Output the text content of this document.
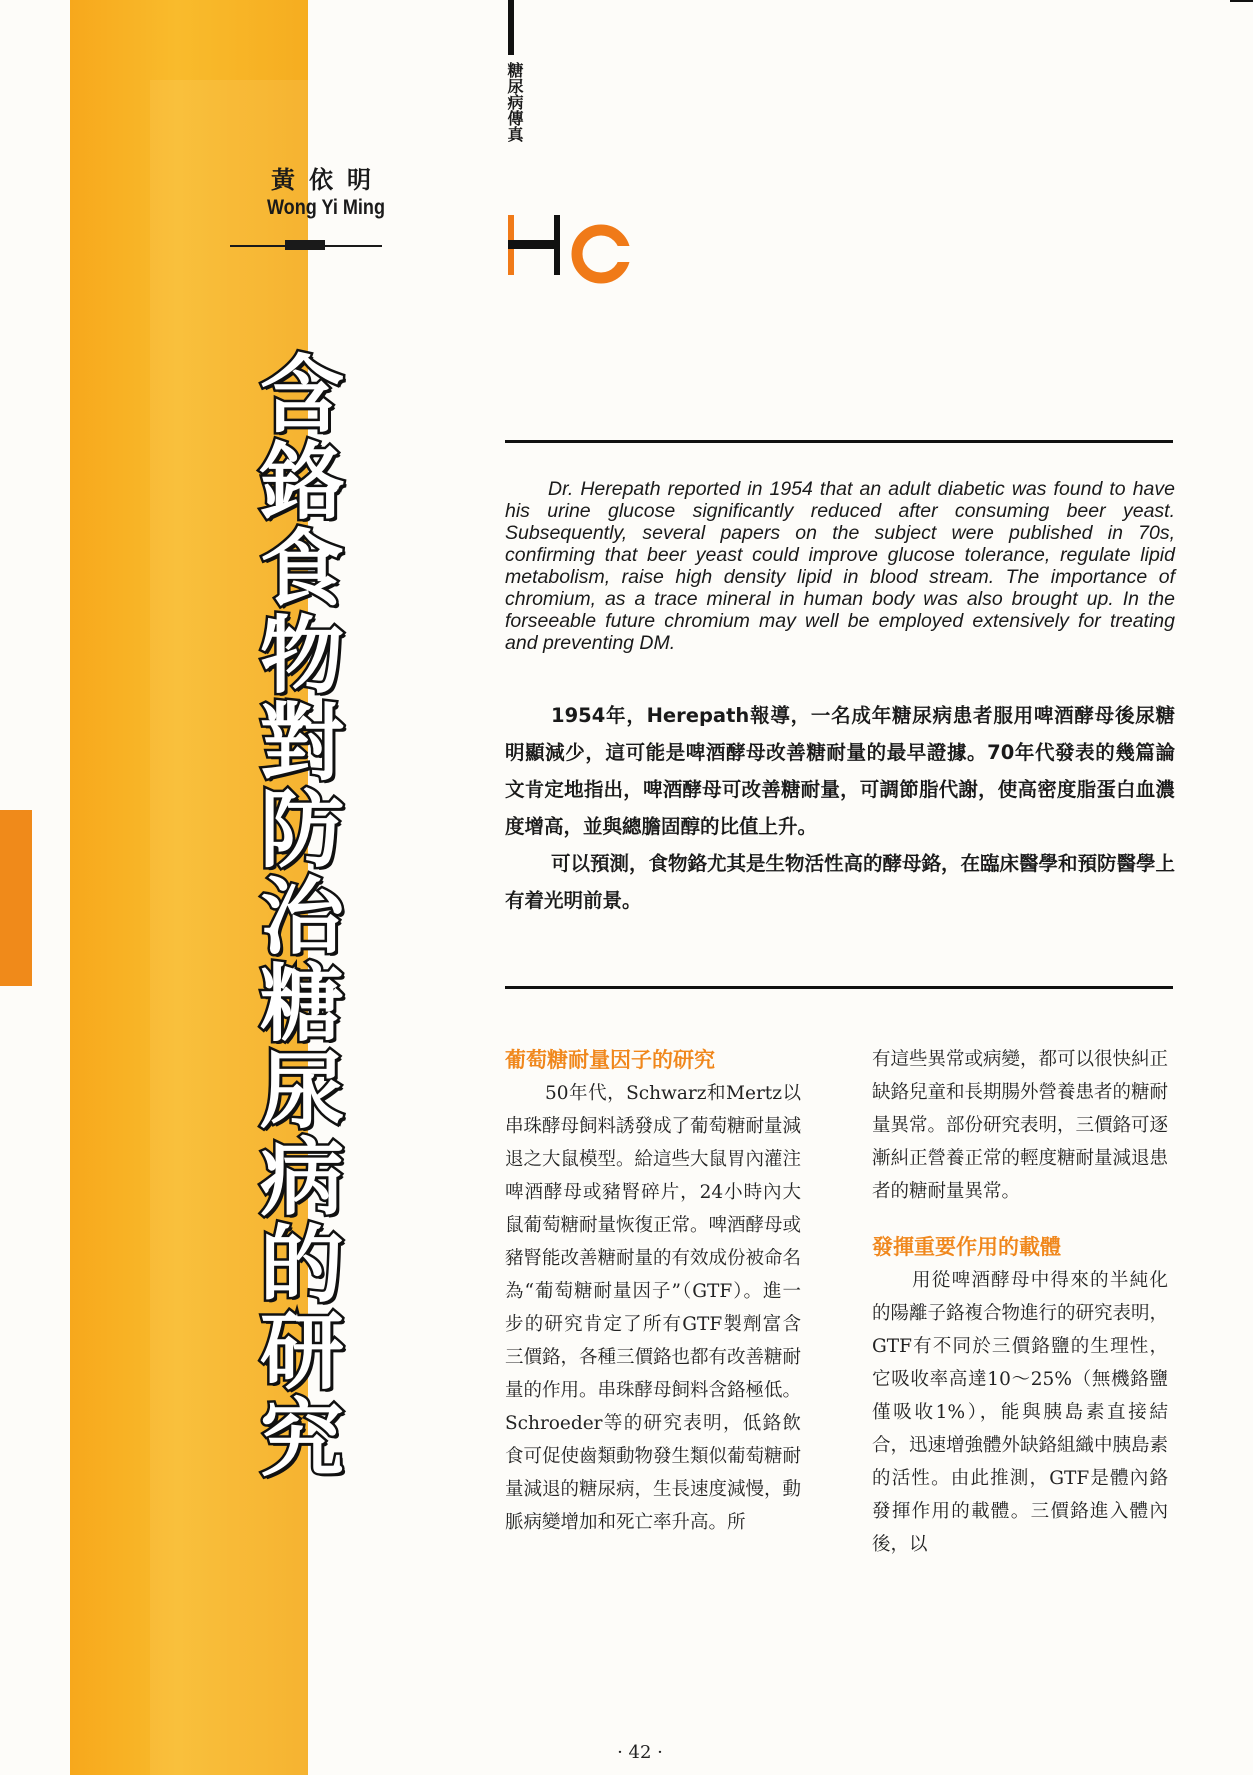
黃依明
Wong Yi Ming
含
鉻
食
物
對
防
治
糖
尿
病
的
研
究
糖尿病傳真

Dr. Herepath reported in 1954 that an adult diabetic was found to have his urine glucose significantly reduced after consuming beer yeast. Subsequently, several papers on the subject were published in 70s, confirming that beer yeast could improve glucose tolerance, regulate lipid metabolism, raise high density lipid in blood stream. The importance of chromium, as a trace mineral in human body was also brought up. In the forseeable future chromium may well be employed extensively for treating and preventing DM.

1954年，Herepath報導，一名成年糖尿病患者服用啤酒酵母後尿糖明顯減少，這可能是啤酒酵母改善糖耐量的最早證據。70年代發表的幾篇論文肯定地指出，啤酒酵母可改善糖耐量，可調節脂代謝，使高密度脂蛋白血濃度增高，並與總膽固醇的比值上升。

可以預測，食物鉻尤其是生物活性高的酵母鉻，在臨床醫學和預防醫學上有着光明前景。

葡萄糖耐量因子的研究

50年代，Schwarz和Mertz以串珠酵母飼料誘發成了葡萄糖耐量減退之大鼠模型。給這些大鼠胃內灌注啤酒酵母或豬腎碎片，24小時內大鼠葡萄糖耐量恢復正常。啤酒酵母或豬腎能改善糖耐量的有效成份被命名為“葡萄糖耐量因子”（GTF）。進一步的研究肯定了所有GTF製劑富含三價鉻，各種三價鉻也都有改善糖耐量的作用。串珠酵母飼料含鉻極低。Schroeder等的研究表明，低鉻飲食可促使齒類動物發生類似葡萄糖耐量減退的糖尿病，生長速度減慢，動脈病變增加和死亡率升高。所

有這些異常或病變，都可以很快糾正缺鉻兒童和長期腸外營養患者的糖耐量異常。部份研究表明，三價鉻可逐漸糾正營養正常的輕度糖耐量減退患者的糖耐量異常。

發揮重要作用的載體

用從啤酒酵母中得來的半純化的陽離子鉻複合物進行的研究表明，GTF有不同於三價鉻鹽的生理性，它吸收率高達10～25%（無機鉻鹽僅吸收1%），能與胰島素直接結合，迅速增強體外缺鉻組織中胰島素的活性。由此推測，GTF是體內鉻發揮作用的載體。三價鉻進入體內後，以

· 42 ·
